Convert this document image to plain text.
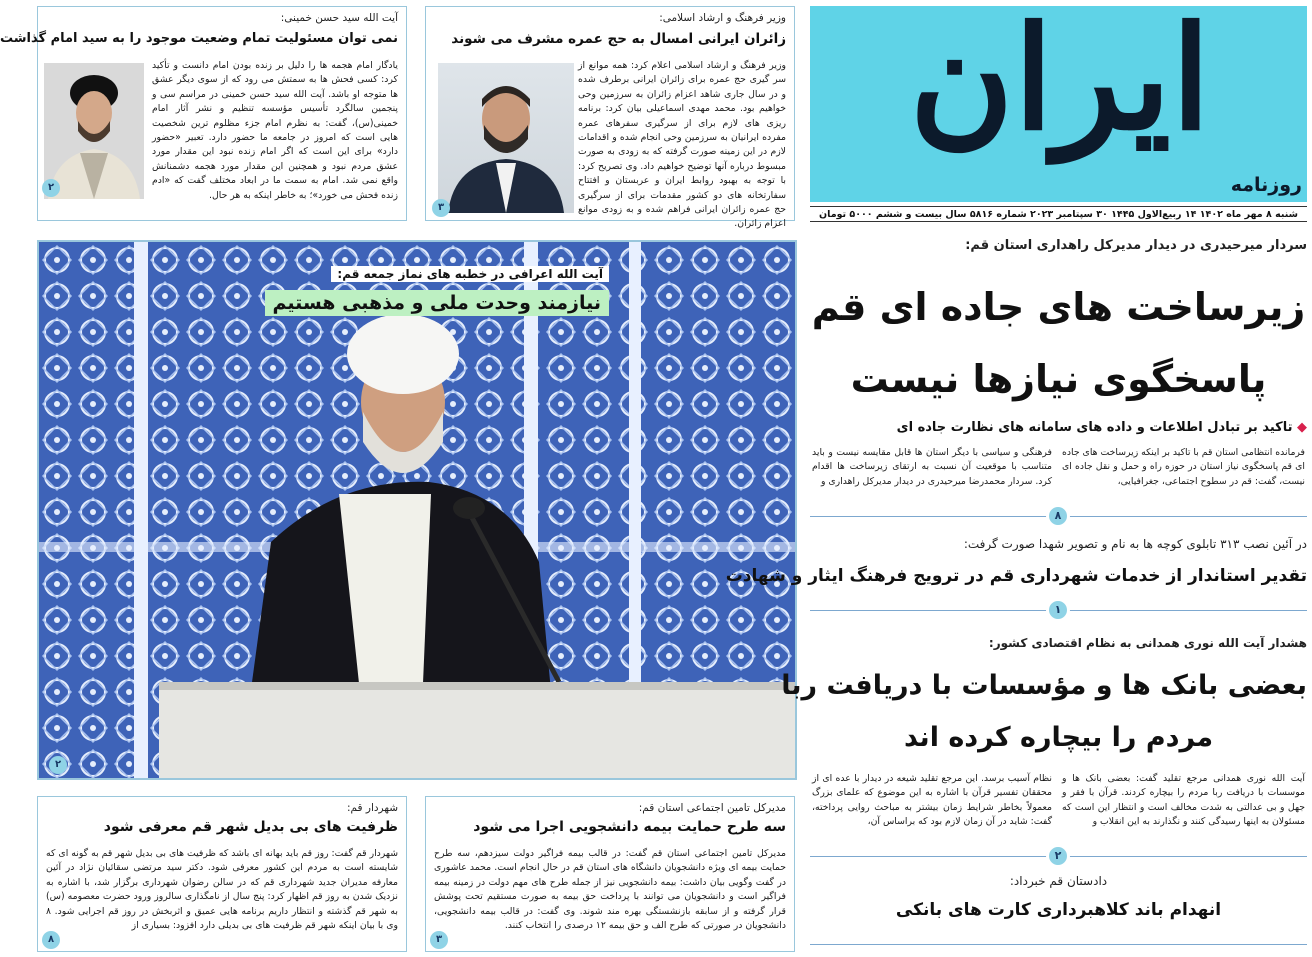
ایران
روزنامه
شنبه ۸ مهر ماه ۱۴۰۲ ۱۴ ربیع‌الاول ۱۴۴۵ ۳۰ سپتامبر ۲۰۲۳ شماره ۵۸۱۶ سال بیست و ششم ۵۰۰۰ تومان
وزیر فرهنگ و ارشاد اسلامی:
زائران ایرانی امسال به حج عمره مشرف می شوند
وزیر فرهنگ و ارشاد اسلامی اعلام کرد: همه موانع از سر گیری حج عمره برای زائران ایرانی برطرف شده و در سال جاری شاهد اعزام زائران به سرزمین وحی خواهیم بود. محمد مهدی اسماعیلی بیان کرد: برنامه ریزی های لازم برای از سرگیری سفرهای عمره مفرده ایرانیان به سرزمین وحی انجام شده و اقدامات لازم در این زمینه صورت گرفته که به زودی به صورت مبسوط درباره آنها توضیح خواهیم داد. وی تصریح کرد: با توجه به بهبود روابط ایران و عربستان و افتتاح سفارتخانه های دو کشور مقدمات برای از سرگیری حج عمره زائران ایرانی فراهم شده و به زودی موانع اعزام زائران.
۳
آیت الله سید حسن خمینی:
نمی توان مسئولیت تمام وضعیت موجود را به سید امام گذاشت
یادگار امام هجمه ها را دلیل بر زنده بودن امام دانست و تأکید کرد: کسی فحش ها به سمتش می رود که از سوی دیگر عشق ها متوجه او باشد. آیت الله سید حسن خمینی در مراسم سی و پنجمین سالگرد تأسیس مؤسسه تنظیم و نشر آثار امام خمینی(س)، گفت: به نظرم امام جزء مظلوم ترین شخصیت هایی است که امروز در جامعه ما حضور دارد. تعبیر «حضور دارد» برای این است که اگر امام زنده نبود این مقدار مورد عشق مردم نبود و همچنین این مقدار مورد هجمه دشمنانش واقع نمی شد. امام به سمت ما در ابعاد مختلف گفت که «ادم زنده فحش می خورد»؛ به خاطر اینکه به هر حال.
۲
آیت الله اعرافی در خطبه های نماز جمعه قم:
نیازمند وحدت ملی و مذهبی هستیم
۲
سردار میرحیدری در دیدار مدیرکل راهداری استان قم:
زیرساخت های جاده ای قم
پاسخگوی نیازها نیست
◆ تاکید بر تبادل اطلاعات و داده های سامانه های نظارت جاده ای
فرمانده انتظامی استان قم با تاکید بر اینکه زیرساخت های جاده ای قم پاسخگوی نیاز استان در حوزه راه و حمل و نقل جاده ای نیست، گفت: قم در سطوح اجتماعی، جغرافیایی،
فرهنگی و سیاسی با دیگر استان ها قابل مقایسه نیست و باید متناسب با موقعیت آن نسبت به ارتقای زیرساخت ها اقدام کرد. سردار محمدرضا میرحیدری در دیدار مدیرکل راهداری و
۸
در آئین نصب ۳۱۳ تابلوی کوچه ها به نام و تصویر شهدا صورت گرفت:
تقدیر استاندار از خدمات شهرداری قم در ترویج فرهنگ ایثار و شهادت
۱
هشدار آیت الله نوری همدانی به نظام اقتصادی کشور:
بعضی بانک ها و مؤسسات با دریافت ربا
مردم را بیچاره کرده اند
آیت الله نوری همدانی مرجع تقلید گفت: بعضی بانک ها و موسسات با دریافت ربا مردم را بیچاره کردند. قرآن با فقر و جهل و بی عدالتی به شدت مخالف است و انتظار این است که مسئولان به اینها رسیدگی کنند و نگذارند به این انقلاب و
نظام آسیب برسد. این مرجع تقلید شیعه در دیدار با عده ای از محققان تفسیر قرآن با اشاره به این موضوع که علمای بزرگ معمولاً بخاطر شرایط زمان بیشتر به مباحث روایی پرداخته، گفت: شاید در آن زمان لازم بود که براساس آن،
۲
دادستان قم خبرداد:
انهدام باند کلاهبرداری کارت های بانکی
مدیرکل تامین اجتماعی استان قم:
سه طرح حمایت بیمه دانشجویی اجرا می شود
مدیرکل تامین اجتماعی استان قم گفت: در قالب بیمه فراگیر دولت سیزدهم، سه طرح حمایت بیمه ای ویژه دانشجویان دانشگاه های استان قم در حال انجام است. محمد عاشوری در گفت وگویی بیان داشت: بیمه دانشجویی نیز از جمله طرح های مهم دولت در زمینه بیمه فراگیر است و دانشجویان می توانند با پرداخت حق بیمه به صورت مستقیم تحت پوشش قرار گرفته و از سابقه بازنشستگی بهره مند شوند. وی گفت: در قالب بیمه دانشجویی، دانشجویان در صورتی که طرح الف و حق بیمه ۱۲ درصدی را انتخاب کنند.
۳
شهردار قم:
ظرفیت های بی بدیل شهر قم معرفی شود
شهردار قم گفت: روز قم باید بهانه ای باشد که ظرفیت های بی بدیل شهر قم به گونه ای که شایسته است به مردم این کشور معرفی شود. دکتر سید مرتضی سقائیان نژاد در آئین معارفه مدیران جدید شهرداری قم که در سالن رضوان شهرداری برگزار شد، با اشاره به نزدیک شدن به روز قم اظهار کرد: پنج سال از نامگذاری سالروز ورود حضرت معصومه (س) به شهر قم گذشته و انتظار داریم برنامه هایی عمیق و اثربخش در روز قم اجرایی شود. ۸ وی با بیان اینکه شهر قم ظرفیت های بی بدیلی دارد افزود: بسیاری از
۸
